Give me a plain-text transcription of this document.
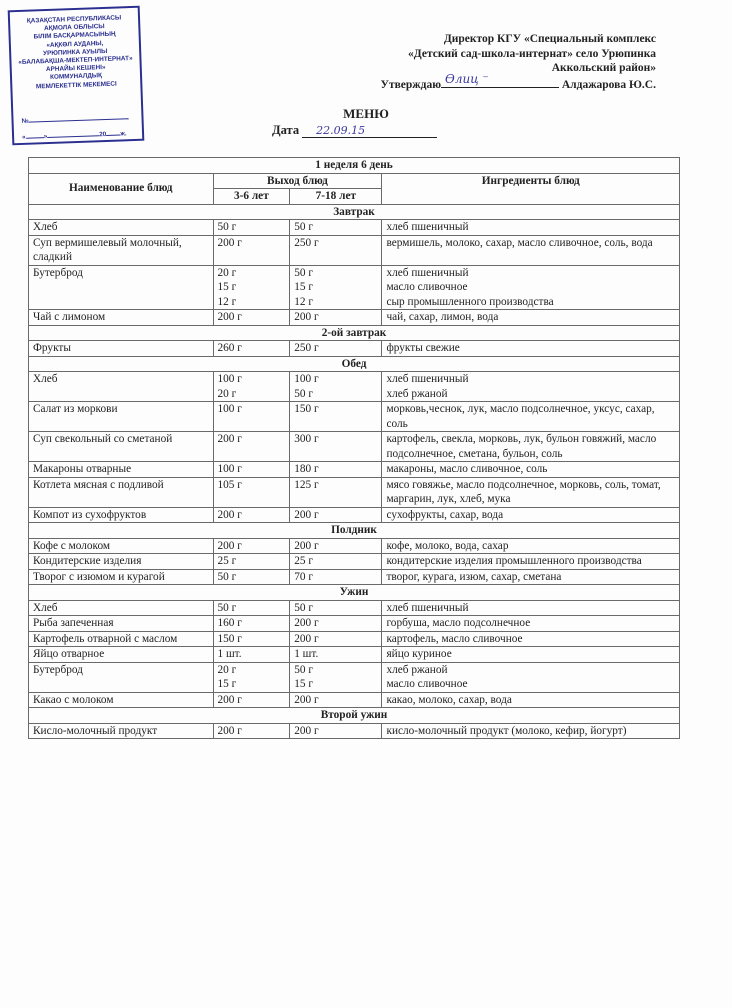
ҚАЗАҚСТАН РЕСПУБЛИКАСЫ
АҚМОЛА ОБЛЫСЫ
БІЛІМ БАСҚАРМАСЫНЫҢ
«АҚКӨЛ АУДАНЫ,
УРЮПИНКА АУЫЛЫ
«БАЛАБАҚША-МЕКТЕП-ИНТЕРНАТ»
АРНАЙЫ КЕШЕНІ»
КОММУНАЛДЫҚ
МЕМЛЕКЕТТІК МЕКЕМЕСІ
№
«	»	20 ж.
Директор КГУ «Специальный комплекс
«Детский сад-школа-интернат» село Урюпинка
Аккольский район»
Утверждаю Ѳлиц ⁻	Алдажарова Ю.С.
МЕНЮ
Дата 22.09.15
1 неделя 6 день			
Наименование блюд	Выход блюд		Ингредиенты блюд
	3-6 лет	7-18 лет	
Завтрак			
Хлеб	50 г	50 г	хлеб пшеничный

Суп вермишелевый молочный, сладкий	200 г	250 г	вермишель, молоко, сахар, масло сливочное, соль, вода

Бутерброд	20 г
15 г
12 г	50 г
15 г
12 г	хлеб пшеничный
масло сливочное
сыр промышленного производства

Чай с лимоном	200 г	200 г	чай, сахар, лимон, вода

2-ой завтрак			
Фрукты	260 г	250 г	фрукты свежие

Обед			
Хлеб	100 г
20 г	100 г
50 г	хлеб пшеничный
хлеб ржаной

Салат из моркови	100 г	150 г	морковь,чеснок, лук, масло подсолнечное, уксус, сахар, соль

Суп свекольный со сметаной	200 г	300 г	картофель, свекла, морковь, лук, бульон говяжий, масло подсолнечное, сметана, бульон, соль

Макароны отварные	100 г	180 г	макароны, масло сливочное, соль

Котлета мясная с подливой	105 г	125 г	мясо говяжье, масло подсолнечное, морковь, соль, томат, маргарин, лук, хлеб, мука

Компот из сухофруктов	200 г	200 г	сухофрукты, сахар, вода

Полдник			
Кофе с молоком	200 г	200 г	кофе, молоко, вода, сахар

Кондитерские изделия	25 г	25 г	кондитерские изделия промышленного производства

Творог с изюмом и курагой	50 г	70 г	творог, курага, изюм, сахар, сметана

Ужин			
Хлеб	50 г	50 г	хлеб пшеничный

Рыба запеченная	160 г	200 г	горбуша, масло подсолнечное

Картофель отварной с маслом	150 г	200 г	картофель, масло сливочное

Яйцо отварное	1 шт.	1 шт.	яйцо куриное

Бутерброд	20 г
15 г	50 г
15 г	хлеб ржаной
масло сливочное

Какао с молоком	200 г	200 г	какао, молоко, сахар, вода

Второй ужин			
Кисло-молочный продукт	200 г	200 г	кисло-молочный продукт (молоко, кефир, йогурт)
